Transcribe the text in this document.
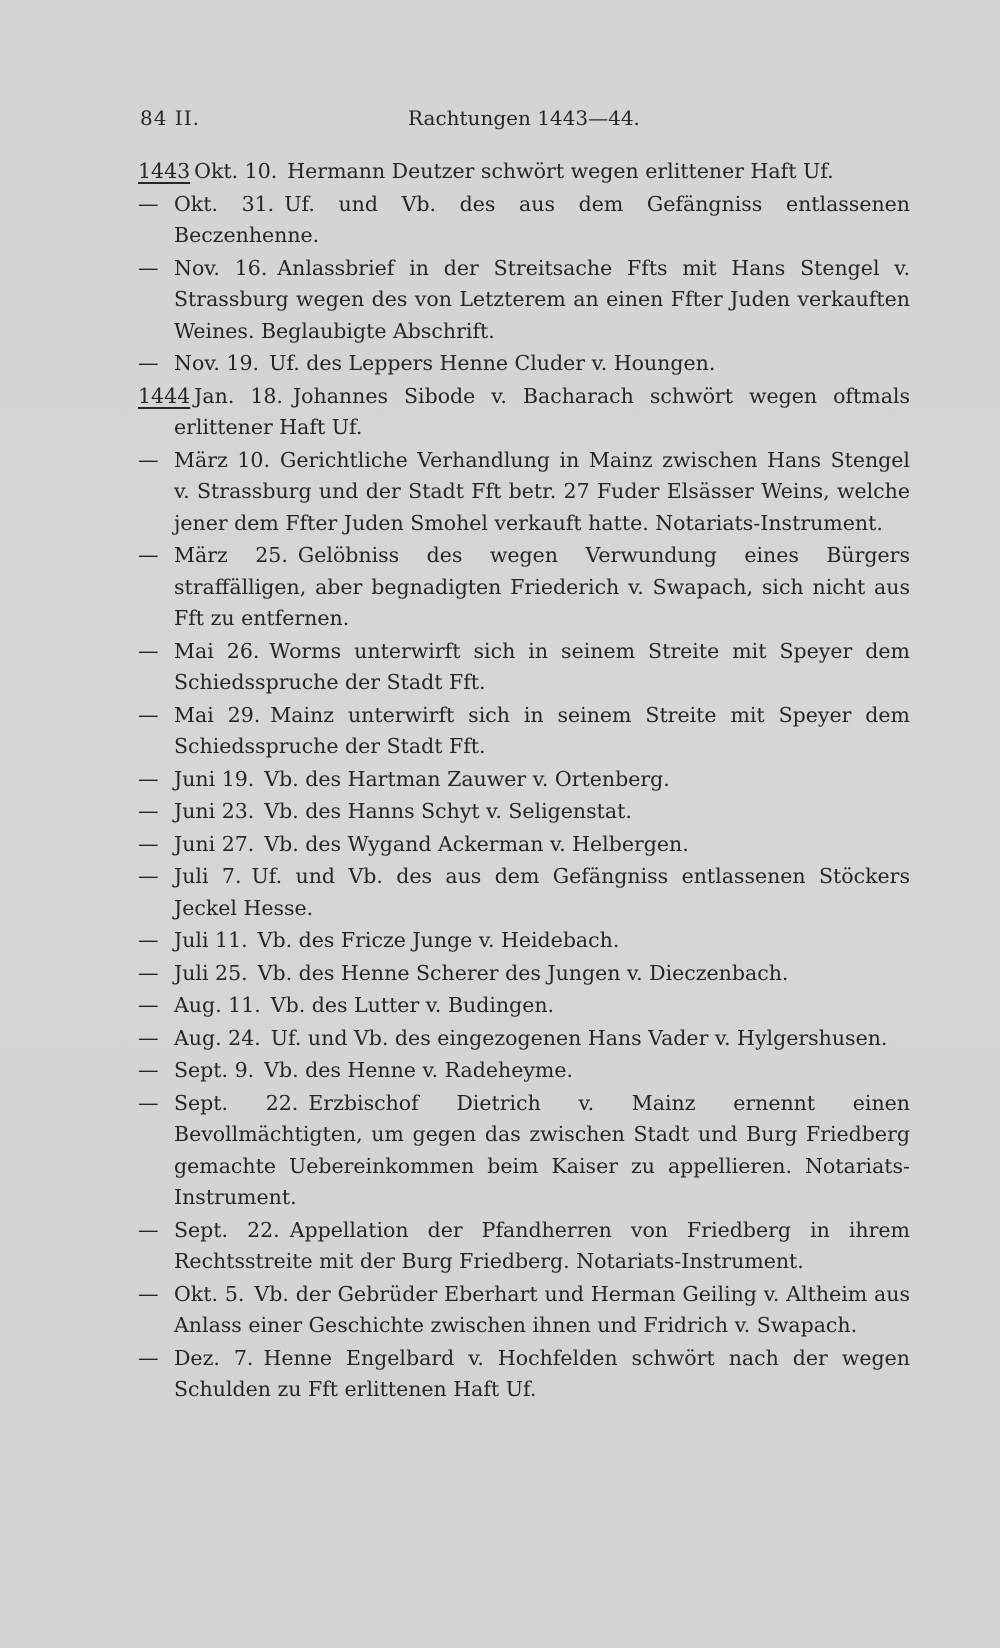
84 II.	Rachtungen 1443—44.
1443 Okt. 10. Hermann Deutzer schwört wegen erlittener Haft Uf.
— Okt. 31. Uf. und Vb. des aus dem Gefängniss entlassenen Beczenhenne.
— Nov. 16. Anlassbrief in der Streitsache Ffts mit Hans Stengel v. Strassburg wegen des von Letzterem an einen Ffter Juden verkauften Weines. Beglaubigte Abschrift.
— Nov. 19. Uf. des Leppers Henne Cluder v. Houngen.
1444 Jan. 18. Johannes Sibode v. Bacharach schwört wegen oftmals erlittener Haft Uf.
— März 10. Gerichtliche Verhandlung in Mainz zwischen Hans Stengel v. Strassburg und der Stadt Fft betr. 27 Fuder Elsässer Weins, welche jener dem Ffter Juden Smohel verkauft hatte. Notariats-Instrument.
— März 25. Gelöbniss des wegen Verwundung eines Bürgers straffälligen, aber begnadigten Friederich v. Swapach, sich nicht aus Fft zu entfernen.
— Mai 26. Worms unterwirft sich in seinem Streite mit Speyer dem Schiedsspruche der Stadt Fft.
— Mai 29. Mainz unterwirft sich in seinem Streite mit Speyer dem Schiedsspruche der Stadt Fft.
— Juni 19. Vb. des Hartman Zauwer v. Ortenberg.
— Juni 23. Vb. des Hanns Schyt v. Seligenstat.
— Juni 27. Vb. des Wygand Ackerman v. Helbergen.
— Juli 7. Uf. und Vb. des aus dem Gefängniss entlassenen Stöckers Jeckel Hesse.
— Juli 11. Vb. des Fricze Junge v. Heidebach.
— Juli 25. Vb. des Henne Scherer des Jungen v. Dieczenbach.
— Aug. 11. Vb. des Lutter v. Budingen.
— Aug. 24. Uf. und Vb. des eingezogenen Hans Vader v. Hylgershusen.
— Sept. 9. Vb. des Henne v. Radeheyme.
— Sept. 22. Erzbischof Dietrich v. Mainz ernennt einen Bevollmächtigten, um gegen das zwischen Stadt und Burg Friedberg gemachte Uebereinkommen beim Kaiser zu appellieren. Notariats-Instrument.
— Sept. 22. Appellation der Pfandherren von Friedberg in ihrem Rechtsstreite mit der Burg Friedberg. Notariats-Instrument.
— Okt. 5. Vb. der Gebrüder Eberhart und Herman Geiling v. Altheim aus Anlass einer Geschichte zwischen ihnen und Fridrich v. Swapach.
— Dez. 7. Henne Engelbard v. Hochfelden schwört nach der wegen Schulden zu Fft erlittenen Haft Uf.
